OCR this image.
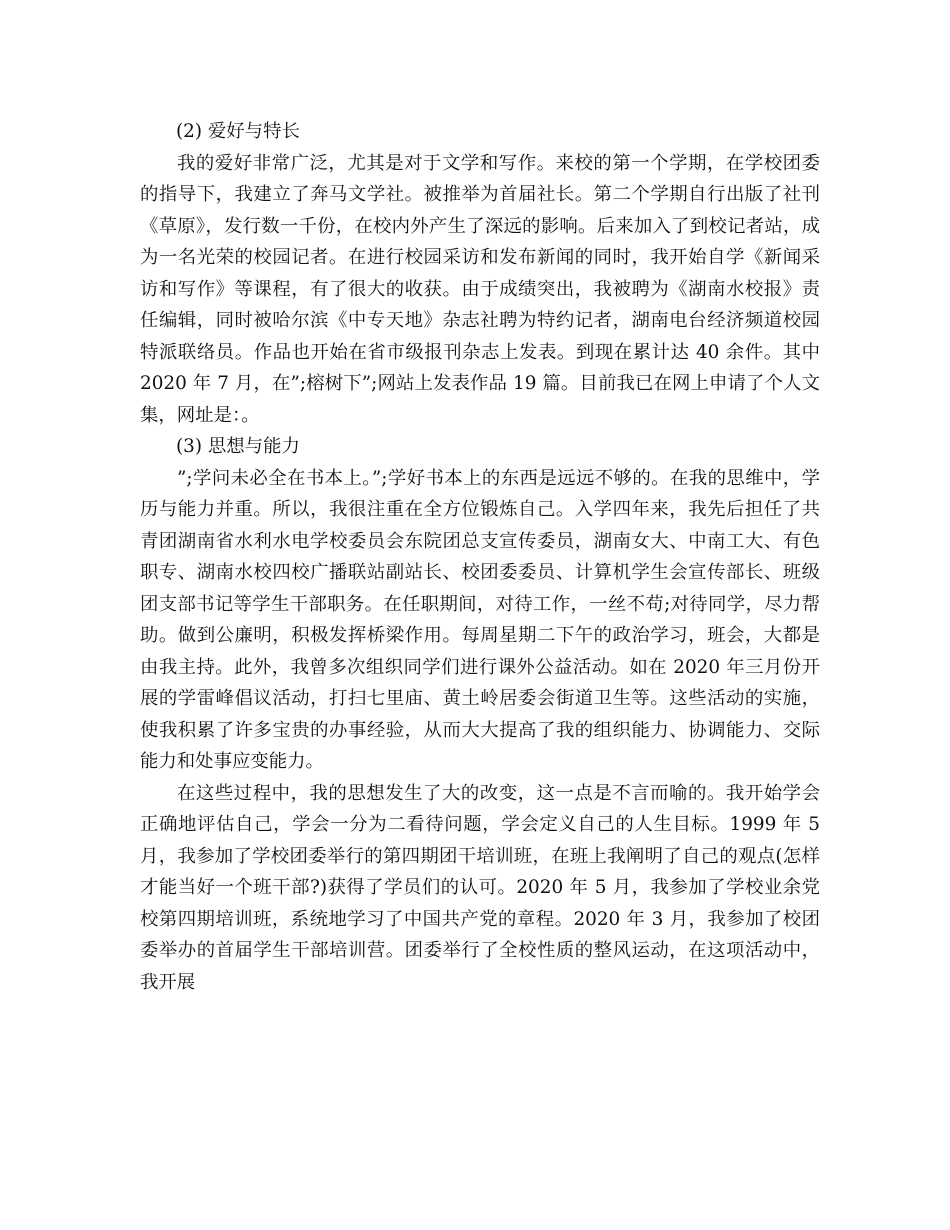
(2) 爱好与特长

我的爱好非常广泛，尤其是对于文学和写作。来校的第一个学期，在学校团委的指导下，我建立了奔马文学社。被推举为首届社长。第二个学期自行出版了社刊《草原》，发行数一千份，在校内外产生了深远的影响。后来加入了到校记者站，成为一名光荣的校园记者。在进行校园采访和发布新闻的同时，我开始自学《新闻采访和写作》等课程，有了很大的收获。由于成绩突出，我被聘为《湖南水校报》责任编辑，同时被哈尔滨《中专天地》杂志社聘为特约记者，湖南电台经济频道校园特派联络员。作品也开始在省市级报刊杂志上发表。到现在累计达 40 余件。其中 2020 年 7 月，在”;榕树下”;网站上发表作品 19 篇。目前我已在网上申请了个人文集，网址是：。

(3) 思想与能力

”;学问未必全在书本上。”;学好书本上的东西是远远不够的。在我的思维中，学历与能力并重。所以，我很注重在全方位锻炼自己。入学四年来，我先后担任了共青团湖南省水利水电学校委员会东院团总支宣传委员，湖南女大、中南工大、有色职专、湖南水校四校广播联站副站长、校团委委员、计算机学生会宣传部长、班级团支部书记等学生干部职务。在任职期间，对待工作，一丝不苟;对待同学，尽力帮助。做到公廉明，积极发挥桥梁作用。每周星期二下午的政治学习，班会，大都是由我主持。此外，我曾多次组织同学们进行课外公益活动。如在 2020 年三月份开展的学雷峰倡议活动，打扫七里庙、黄土岭居委会街道卫生等。这些活动的实施，使我积累了许多宝贵的办事经验，从而大大提高了我的组织能力、协调能力、交际能力和处事应变能力。

在这些过程中，我的思想发生了大的改变，这一点是不言而喻的。我开始学会正确地评估自己，学会一分为二看待问题，学会定义自己的人生目标。1999 年 5 月，我参加了学校团委举行的第四期团干培训班，在班上我阐明了自己的观点(怎样才能当好一个班干部?)获得了学员们的认可。2020 年 5 月，我参加了学校业余党校第四期培训班，系统地学习了中国共产党的章程。2020 年 3 月，我参加了校团委举办的首届学生干部培训营。团委举行了全校性质的整风运动，在这项活动中，我开展
